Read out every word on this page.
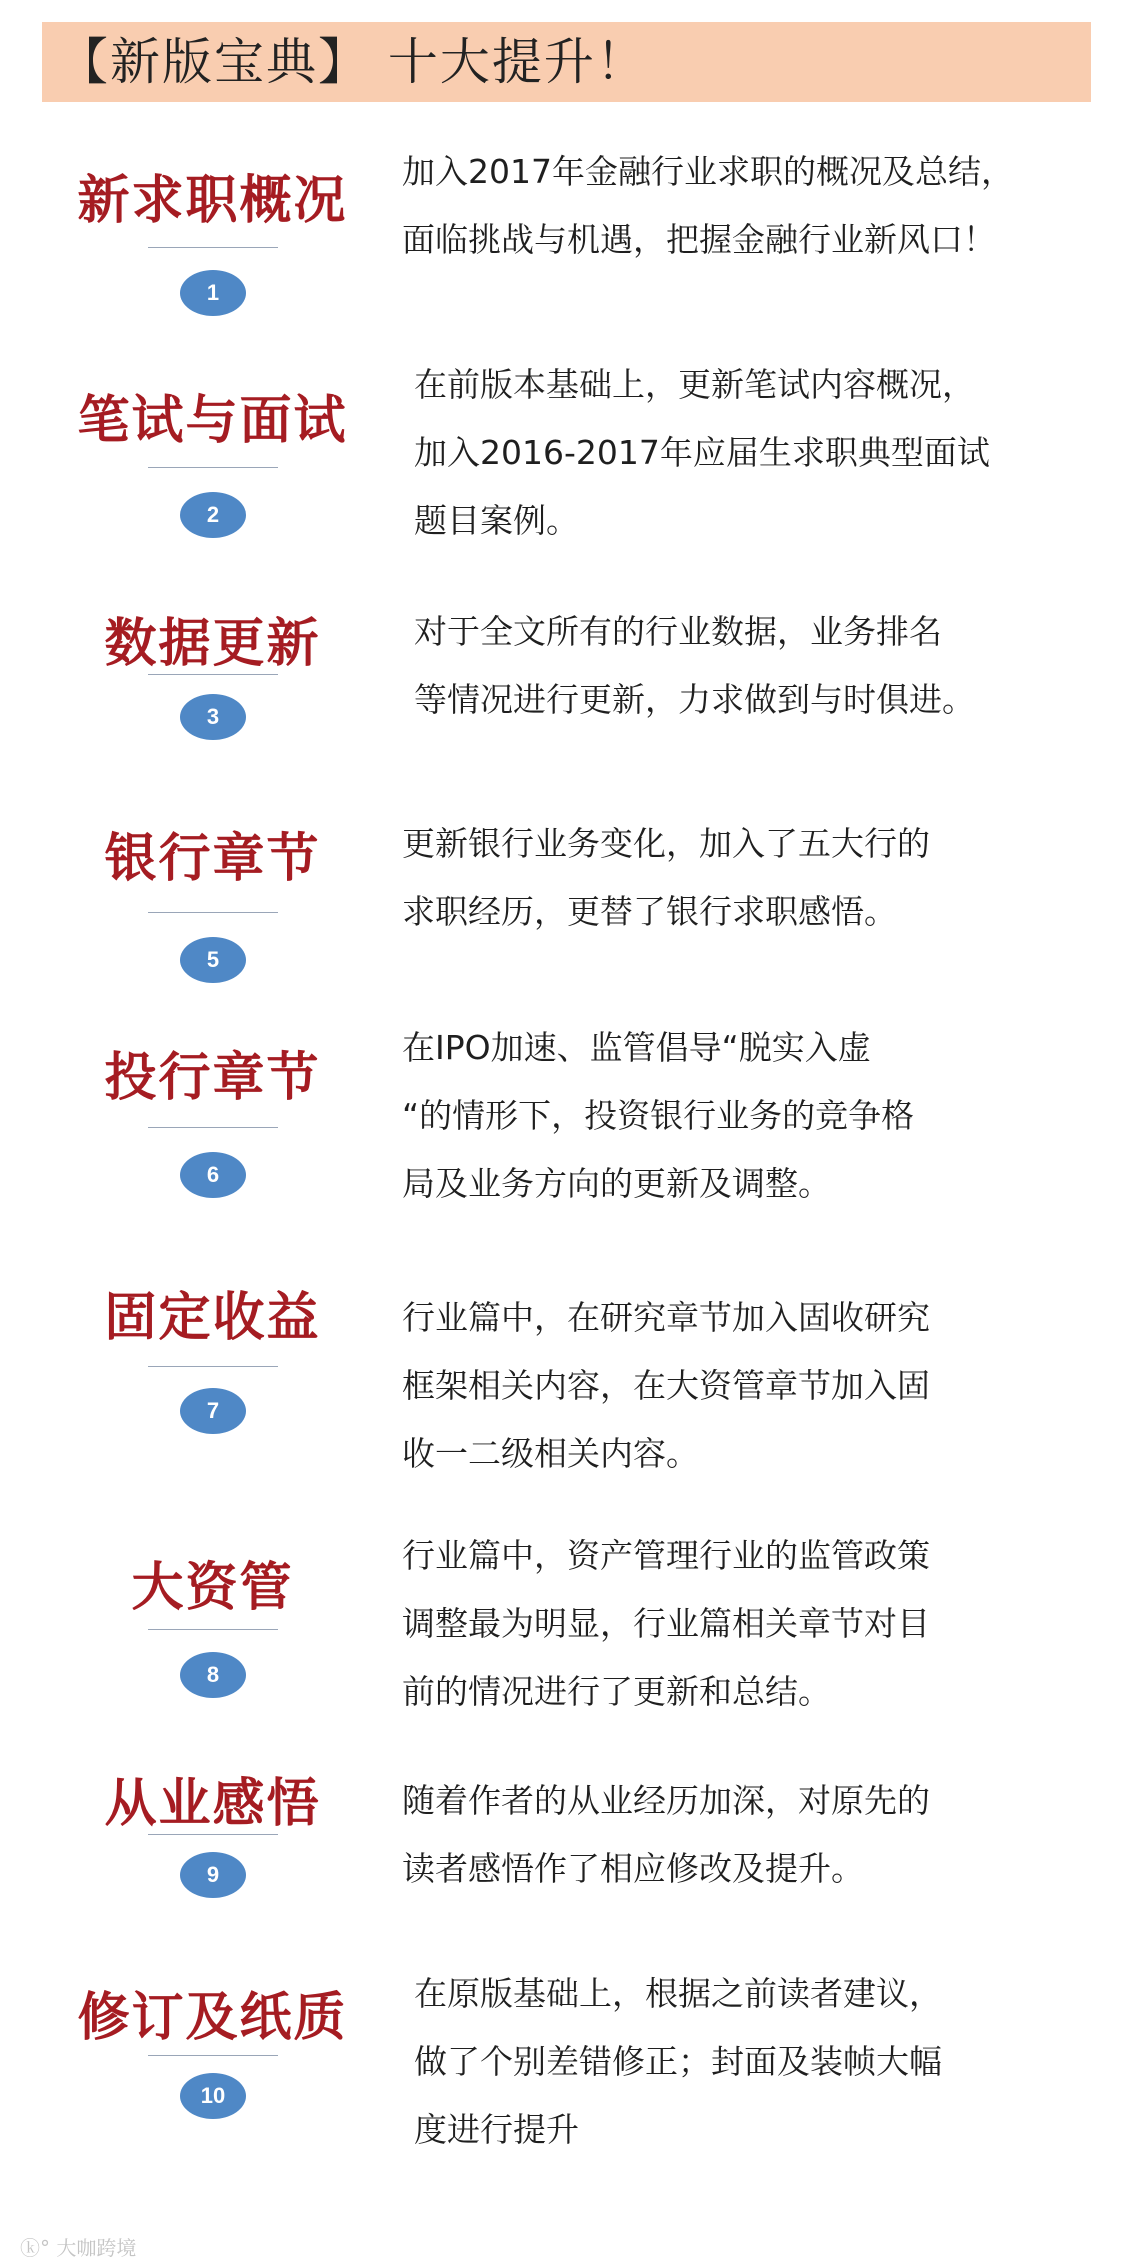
【新版宝典】 十大提升！
新求职概况
1
加入2017年金融行业求职的概况及总结，
面临挑战与机遇，把握金融行业新风口！
笔试与面试
2
在前版本基础上，更新笔试内容概况，
加入2016-2017年应届生求职典型面试
题目案例。
数据更新
3
对于全文所有的行业数据，业务排名
等情况进行更新，力求做到与时俱进。
银行章节
5
更新银行业务变化，加入了五大行的
求职经历，更替了银行求职感悟。
投行章节
6
在IPO加速、监管倡导“脱实入虚
“的情形下，投资银行业务的竞争格
局及业务方向的更新及调整。
固定收益
7
行业篇中，在研究章节加入固收研究
框架相关内容，在大资管章节加入固
收一二级相关内容。
大资管
8
行业篇中，资产管理行业的监管政策
调整最为明显，行业篇相关章节对目
前的情况进行了更新和总结。
从业感悟
9
随着作者的从业经历加深，对原先的
读者感悟作了相应修改及提升。
修订及纸质
10
在原版基础上，根据之前读者建议，
做了个别差错修正；封面及装帧大幅
度进行提升
ⓚ° 大咖跨境
